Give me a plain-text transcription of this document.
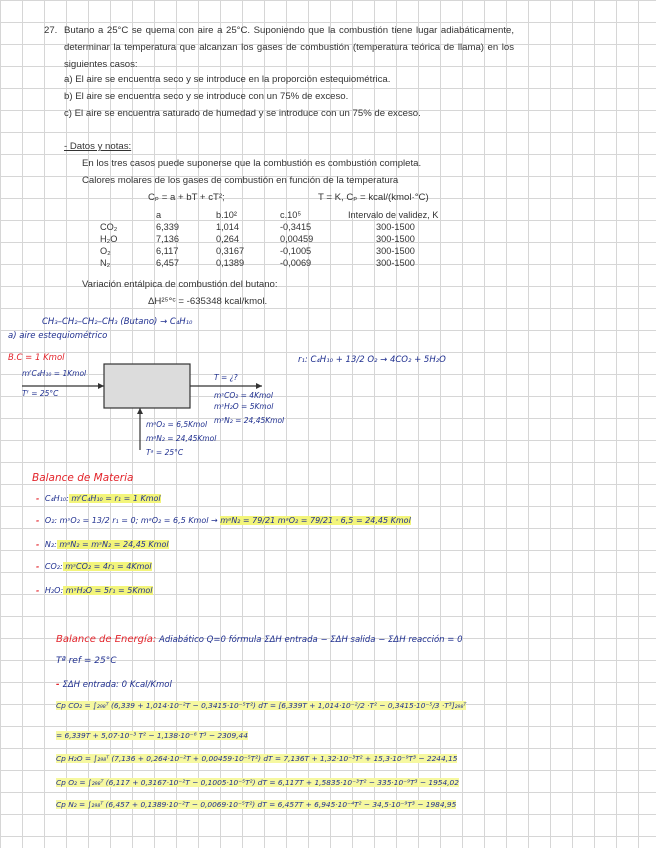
27. Butano a 25°C se quema con aire a 25°C. Suponiendo que la combustión tiene lugar adiabáticamente, determinar la temperatura que alcanzan los gases de combustión (temperatura teórica de llama) en los siguientes casos:
a) El aire se encuentra seco y se introduce en la proporción estequiométrica.
b) El aire se encuentra seco y se introduce con un 75% de exceso.
c) El aire se encuentra saturado de humedad y se introduce con un 75% de exceso.
- Datos y notas:
En los tres casos puede suponerse que la combustión es combustión completa.
Calores molares de los gases de combustión en función de la temperatura
Cₚ = a + bT + cT²;	T = K, Cₚ = kcal/(kmol·°C)
	a	b.10²	c.10⁵	Intervalo de validez, K
CO₂	6,339	1,014	-0,3415	300-1500
H₂O	7,136	0,264	0,00459	300-1500
O₂	6,117	0,3167	-0,1005	300-1500
N₂	6,457	0,1389	-0,0069	300-1500
Variación entálpica de combustión del butano:
ΔH²⁵°ᶜ = -635348 kcal/kmol.
CH₃–CH₂–CH₂–CH₃ (Butano) → C₄H₁₀
a) aire estequiométrico
B.C = 1 Kmol	r₁: C₄H₁₀ + 13/2 O₂ → 4CO₂ + 5H₂O
mᶠC₄H₁₀ = 1Kmol
Tᶠ = 25°C
T = ¿?
mˢCO₂ = 4Kmol
mˢH₂O = 5Kmol
mˢN₂ = 24,45Kmol
mᵃO₂ = 6,5Kmol
mᵃN₂ = 24,45Kmol
Tᵃ = 25°C
Balance de Materia
-  C₄H₁₀: mᶠC₄H₁₀ = r₁ = 1 Kmol
-  O₂: mˢO₂ = 13/2 r₁ = 0; mᵃO₂ = 6,5 Kmol → mᵃN₂ = 79/21 mᵃO₂ = 79/21 · 6,5 = 24,45 Kmol
-  N₂: mᵃN₂ = mˢN₂ = 24,45 Kmol
-  CO₂: mˢCO₂ = 4r₁ = 4Kmol
-  H₂O: mˢH₂O = 5r₁ = 5Kmol
Balance de Energía: Adiabático Q=0 fórmula ΣΔH entrada − ΣΔH salida − ΣΔH reacción = 0
Tª ref = 25°C
- ΣΔH entrada: 0 Kcal/Kmol
Cp CO₂ = ∫₂₉₈ᵀ (6,339 + 1,014·10⁻²T − 0,3415·10⁻⁵T²) dT = [6,339T + 1,014·10⁻²/2 ·T² − 0,3415·10⁻⁵/3 ·T³]₂₉₈ᵀ
= 6,339T + 5,07·10⁻³ T² − 1,138·10⁻⁶ T³ − 2309,44
Cp H₂O = ∫₂₉₈ᵀ (7,136 + 0,264·10⁻²T + 0,00459·10⁻⁵T²) dT = 7,136T + 1,32·10⁻³T² + 15,3·10⁻⁹T³ − 2244,15
Cp O₂ = ∫₂₉₈ᵀ (6,117 + 0,3167·10⁻²T − 0,1005·10⁻⁵T²) dT = 6,117T + 1,5835·10⁻³T² − 335·10⁻⁹T³ − 1954,02
Cp N₂ = ∫₂₉₈ᵀ (6,457 + 0,1389·10⁻²T − 0,0069·10⁻⁵T²) dT = 6,457T + 6,945·10⁻⁴T² − 34,5·10⁻⁹T³ − 1984,95
